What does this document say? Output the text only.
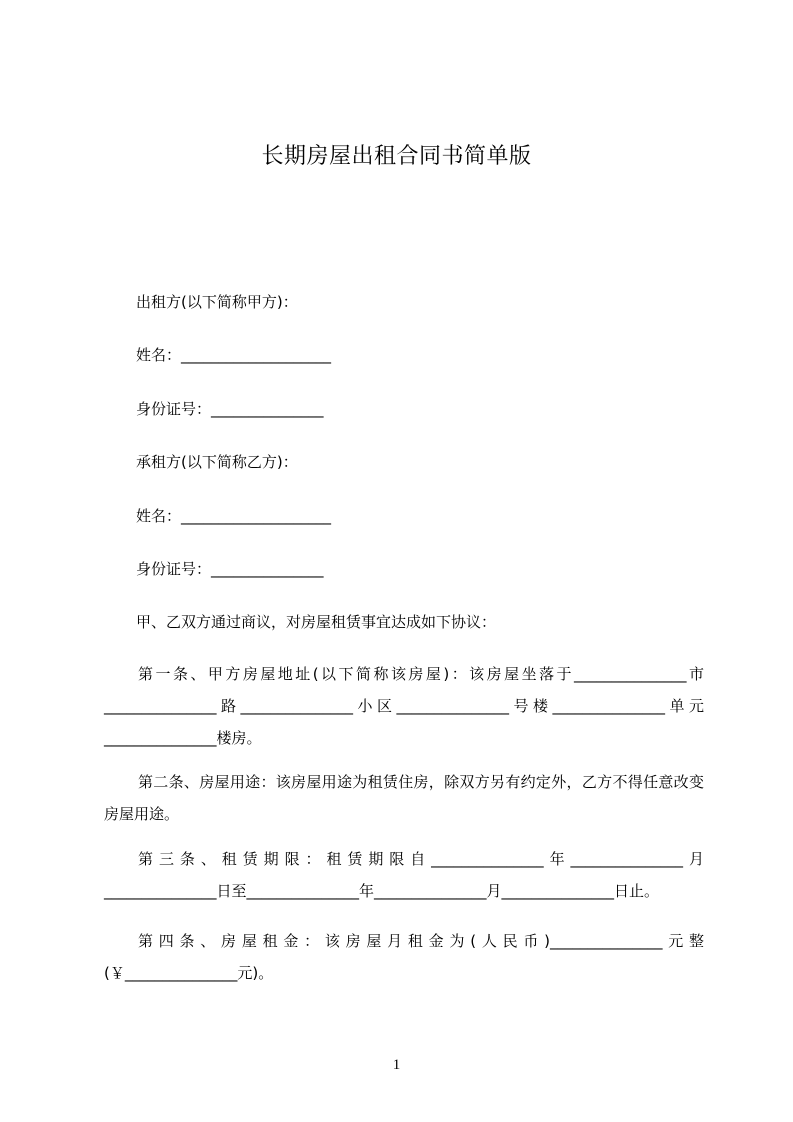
长期房屋出租合同书简单版
出租方(以下简称甲方)：
姓名：____________________
身份证号：_______________
承租方(以下简称乙方)：
姓名：____________________
身份证号：_______________
甲、乙双方通过商议，对房屋租赁事宜达成如下协议：
第一条、甲方房屋地址(以下简称该房屋)：该房屋坐落于_______________市_______________路_______________小区_______________号楼_______________单元_______________楼房。
第二条、房屋用途：该房屋用途为租赁住房，除双方另有约定外，乙方不得任意改变房屋用途。
第三条、租赁期限：租赁期限自_______________年_______________月_______________日至_______________年_______________月_______________日止。
第四条、房屋租金：该房屋月租金为(人民币)_______________元整(￥_______________元)。
1
